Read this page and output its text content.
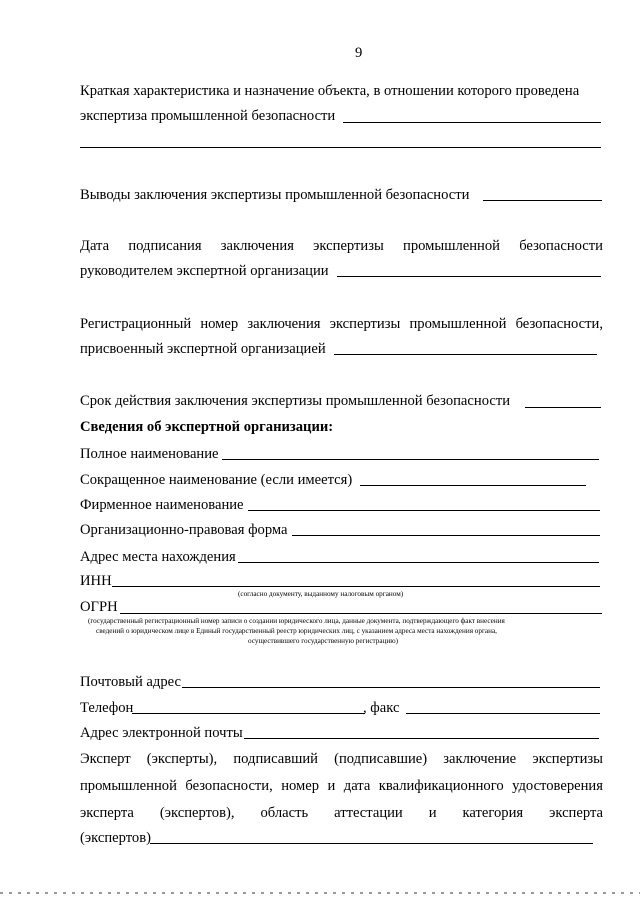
9
Краткая характеристика и назначение объекта, в отношении которого проведена
экспертиза промышленной безопасности
Выводы заключения экспертизы промышленной безопасности
Дата подписания заключения экспертизы промышленной безопасности
руководителем экспертной организации
Регистрационный номер заключения экспертизы промышленной безопасности,
присвоенный экспертной организацией
Срок действия заключения экспертизы промышленной безопасности
Сведения об экспертной организации:
Полное наименование
Сокращенное наименование (если имеется)
Фирменное наименование
Организационно-правовая форма
Адрес места нахождения
ИНН
(согласно документу, выданному налоговым органом)
ОГРН
(государственный регистрационный номер записи о создании юридического лица, данные документа, подтверждающего факт внесения
сведений о юридическом лице в Единый государственный реестр юридических лиц, с указанием адреса места нахождения органа,
осуществившего государственную регистрацию)
Почтовый адрес
Телефон	, факс
Адрес электронной почты
Эксперт (эксперты), подписавший (подписавшие) заключение экспертизы
промышленной безопасности, номер и дата квалификационного удостоверения
эксперта (экспертов), область аттестации и категория эксперта
(экспертов)
